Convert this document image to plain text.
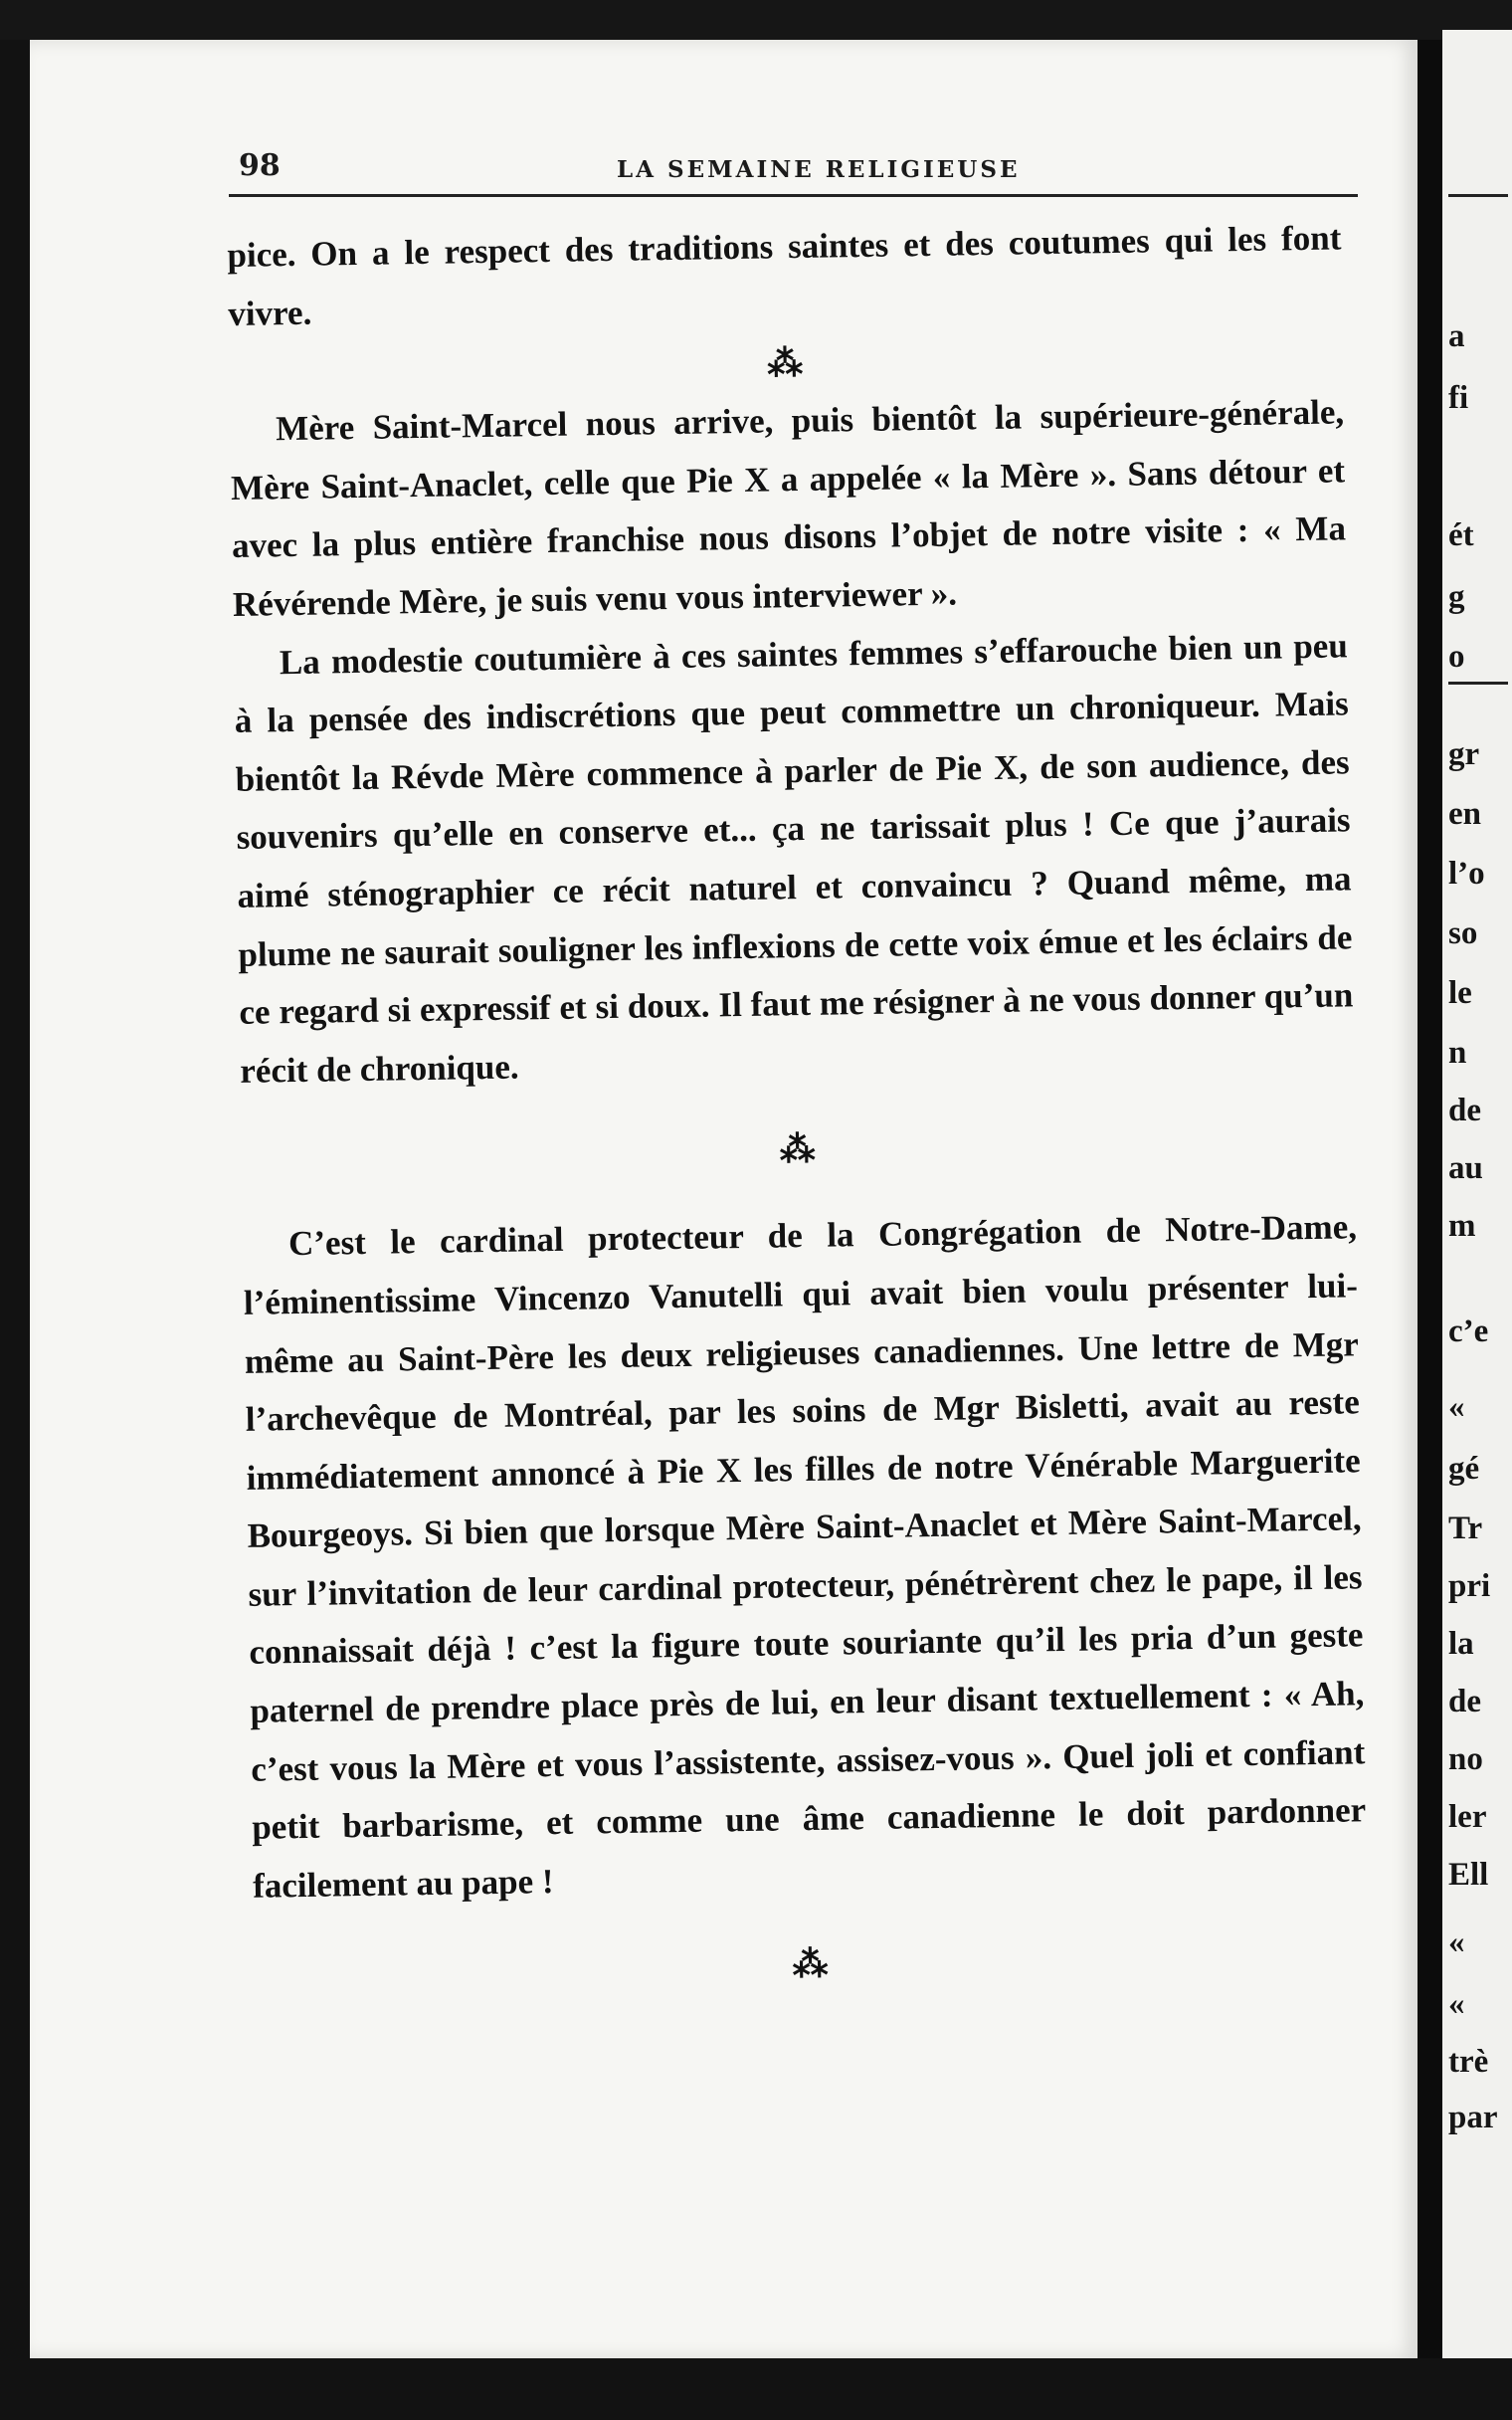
98	LA SEMAINE RELIGIEUSE

pice. On a le respect des traditions saintes et des coutumes qui les font vivre.

⁂

Mère Saint-Marcel nous arrive, puis bientôt la supérieure-générale, Mère Saint-Anaclet, celle que Pie X a appelée « la Mère ». Sans détour et avec la plus entière franchise nous disons l’objet de notre visite : « Ma Révérende Mère, je suis venu vous interviewer ».

La modestie coutumière à ces saintes femmes s’effarouche bien un peu à la pensée des indiscrétions que peut commettre un chroniqueur. Mais bientôt la Révde Mère commence à parler de Pie X, de son audience, des souvenirs qu’elle en conserve et... ça ne tarissait plus ! Ce que j’aurais aimé sténographier ce récit naturel et convaincu ? Quand même, ma plume ne saurait souligner les inflexions de cette voix émue et les éclairs de ce regard si expressif et si doux. Il faut me résigner à ne vous donner qu’un récit de chronique.

⁂

C’est le cardinal protecteur de la Congrégation de Notre-Dame, l’éminentissime Vincenzo Vanutelli qui avait bien voulu présenter lui-même au Saint-Père les deux religieuses canadiennes. Une lettre de Mgr l’archevêque de Montréal, par les soins de Mgr Bisletti, avait au reste immédiatement annoncé à Pie X les filles de notre Vénérable Marguerite Bourgeoys. Si bien que lorsque Mère Saint-Anaclet et Mère Saint-Marcel, sur l’invitation de leur cardinal protecteur, pénétrèrent chez le pape, il les connaissait déjà ! c’est la figure toute souriante qu’il les pria d’un geste paternel de prendre place près de lui, en leur disant textuellement : « Ah, c’est vous la Mère et vous l’assistente, assisez-vous ». Quel joli et confiant petit barbarisme, et comme une âme canadienne le doit pardonner facilement au pape !

⁂
a
fi
ét
g
o
gr
en
l’o
so
le
n
de
au
m
c’e
«
gé
Tr
pri
la
de
no
ler
Ell
«
«
trè
par
